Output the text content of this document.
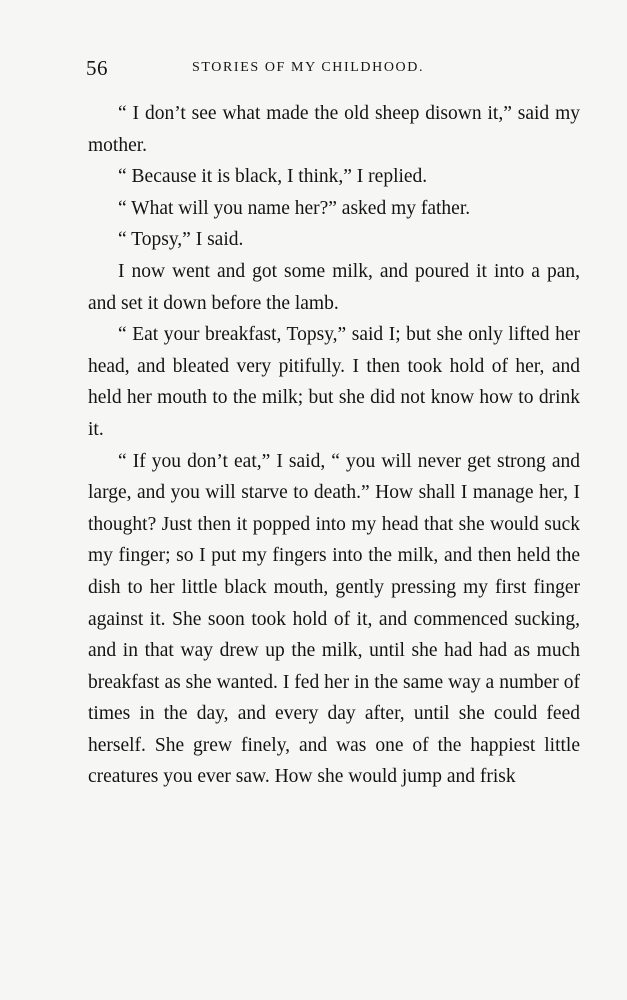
56	STORIES OF MY CHILDHOOD.

“ I don’t see what made the old sheep disown it,” said my mother.

“ Because it is black, I think,” I replied.

“ What will you name her?” asked my father.

“ Topsy,” I said.

I now went and got some milk, and poured it into a pan, and set it down before the lamb.

“ Eat your breakfast, Topsy,” said I; but she only lifted her head, and bleated very pitifully. I then took hold of her, and held her mouth to the milk; but she did not know how to drink it.

“ If you don’t eat,” I said, “ you will never get strong and large, and you will starve to death.” How shall I manage her, I thought? Just then it popped into my head that she would suck my finger; so I put my fingers into the milk, and then held the dish to her little black mouth, gently pressing my first finger against it. She soon took hold of it, and commenced sucking, and in that way drew up the milk, until she had had as much breakfast as she wanted. I fed her in the same way a number of times in the day, and every day after, until she could feed herself. She grew finely, and was one of the happiest little creatures you ever saw. How she would jump and frisk
